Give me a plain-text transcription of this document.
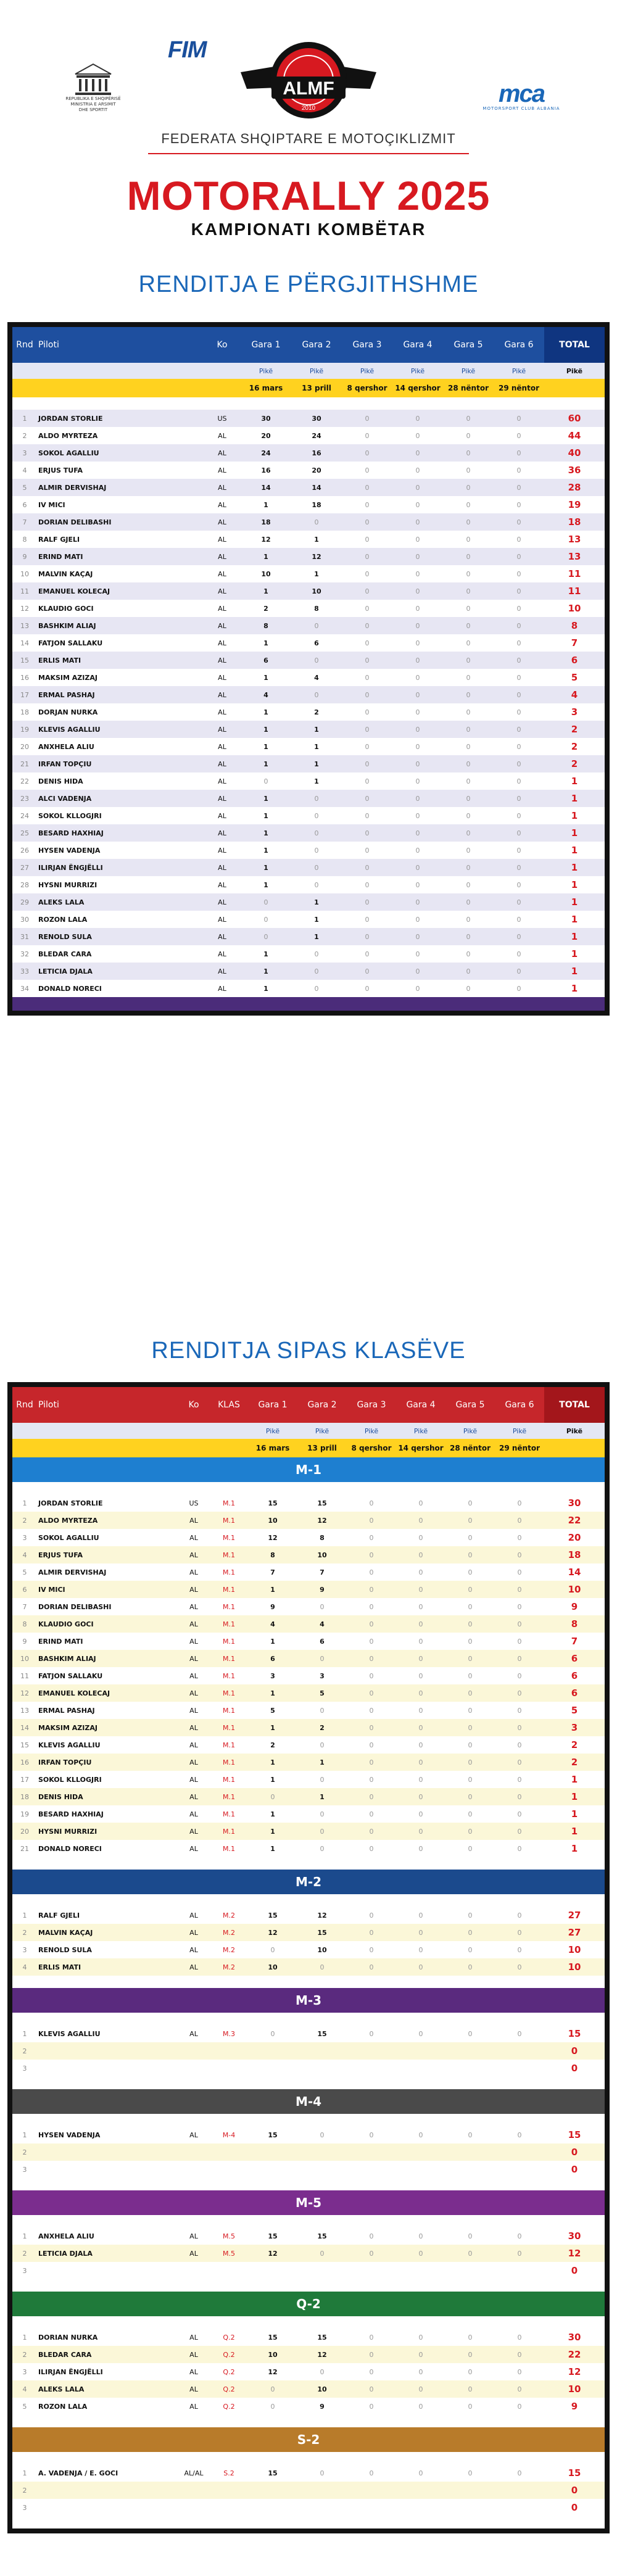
REPUBLIKA E SHQIPËRISË
MINISTRIA E ARSIMIT
DHE SPORTIT
FIM
ALMF
2010
mca
MOTORSPORT CLUB ALBANIA
FEDERATA SHQIPTARE E MOTOÇIKLIZMIT
MOTORALLY 2025
KAMPIONATI KOMBËTAR
RENDITJA E PËRGJITHSHME
Rnd	Piloti	Ko	Gara 1	Gara 2	Gara 3	Gara 4	Gara 5	Gara 6	TOTAL
			Pikë	Pikë	Pikë	Pikë	Pikë	Pikë	Pikë
			16 mars	13 prill	8 qershor	14 qershor	28 nëntor	29 nëntor	

1	JORDAN STORLIE	US	30	30	0	0	0	0	60
2	ALDO MYRTEZA	AL	20	24	0	0	0	0	44
3	SOKOL AGALLIU	AL	24	16	0	0	0	0	40
4	ERJUS TUFA	AL	16	20	0	0	0	0	36
5	ALMIR DERVISHAJ	AL	14	14	0	0	0	0	28
6	IV MICI	AL	1	18	0	0	0	0	19
7	DORIAN DELIBASHI	AL	18	0	0	0	0	0	18
8	RALF GJELI	AL	12	1	0	0	0	0	13
9	ERIND MATI	AL	1	12	0	0	0	0	13
10	MALVIN KAÇAJ	AL	10	1	0	0	0	0	11
11	EMANUEL KOLECAJ	AL	1	10	0	0	0	0	11
12	KLAUDIO GOCI	AL	2	8	0	0	0	0	10
13	BASHKIM ALIAJ	AL	8	0	0	0	0	0	8
14	FATJON SALLAKU	AL	1	6	0	0	0	0	7
15	ERLIS MATI	AL	6	0	0	0	0	0	6
16	MAKSIM AZIZAJ	AL	1	4	0	0	0	0	5
17	ERMAL PASHAJ	AL	4	0	0	0	0	0	4
18	DORJAN NURKA	AL	1	2	0	0	0	0	3
19	KLEVIS AGALLIU	AL	1	1	0	0	0	0	2
20	ANXHELA ALIU	AL	1	1	0	0	0	0	2
21	IRFAN TOPÇIU	AL	1	1	0	0	0	0	2
22	DENIS HIDA	AL	0	1	0	0	0	0	1
23	ALCI VADENJA	AL	1	0	0	0	0	0	1
24	SOKOL KLLOGJRI	AL	1	0	0	0	0	0	1
25	BESARD HAXHIAJ	AL	1	0	0	0	0	0	1
26	HYSEN VADENJA	AL	1	0	0	0	0	0	1
27	ILIRJAN ËNGJËLLI	AL	1	0	0	0	0	0	1
28	HYSNI MURRIZI	AL	1	0	0	0	0	0	1
29	ALEKS LALA	AL	0	1	0	0	0	0	1
30	ROZON LALA	AL	0	1	0	0	0	0	1
31	RENOLD SULA	AL	0	1	0	0	0	0	1
32	BLEDAR CARA	AL	1	0	0	0	0	0	1
33	LETICIA DJALA	AL	1	0	0	0	0	0	1
34	DONALD NORECI	AL	1	0	0	0	0	0	1

RENDITJA SIPAS KLASËVE
Rnd	Piloti	Ko	KLAS	Gara 1	Gara 2	Gara 3	Gara 4	Gara 5	Gara 6	TOTAL
				Pikë	Pikë	Pikë	Pikë	Pikë	Pikë	Pikë
				16 mars	13 prill	8 qershor	14 qershor	28 nëntor	29 nëntor	
M-1										

1	JORDAN STORLIE	US	M.1	15	15	0	0	0	0	30
2	ALDO MYRTEZA	AL	M.1	10	12	0	0	0	0	22
3	SOKOL AGALLIU	AL	M.1	12	8	0	0	0	0	20
4	ERJUS TUFA	AL	M.1	8	10	0	0	0	0	18
5	ALMIR DERVISHAJ	AL	M.1	7	7	0	0	0	0	14
6	IV MICI	AL	M.1	1	9	0	0	0	0	10
7	DORIAN DELIBASHI	AL	M.1	9	0	0	0	0	0	9
8	KLAUDIO GOCI	AL	M.1	4	4	0	0	0	0	8
9	ERIND MATI	AL	M.1	1	6	0	0	0	0	7
10	BASHKIM ALIAJ	AL	M.1	6	0	0	0	0	0	6
11	FATJON SALLAKU	AL	M.1	3	3	0	0	0	0	6
12	EMANUEL KOLECAJ	AL	M.1	1	5	0	0	0	0	6
13	ERMAL PASHAJ	AL	M.1	5	0	0	0	0	0	5
14	MAKSIM AZIZAJ	AL	M.1	1	2	0	0	0	0	3
15	KLEVIS AGALLIU	AL	M.1	2	0	0	0	0	0	2
16	IRFAN TOPÇIU	AL	M.1	1	1	0	0	0	0	2
17	SOKOL KLLOGJRI	AL	M.1	1	0	0	0	0	0	1
18	DENIS HIDA	AL	M.1	0	1	0	0	0	0	1
19	BESARD HAXHIAJ	AL	M.1	1	0	0	0	0	0	1
20	HYSNI MURRIZI	AL	M.1	1	0	0	0	0	0	1
21	DONALD NORECI	AL	M.1	1	0	0	0	0	0	1

M-2										

1	RALF GJELI	AL	M.2	15	12	0	0	0	0	27
2	MALVIN KAÇAJ	AL	M.2	12	15	0	0	0	0	27
3	RENOLD SULA	AL	M.2	0	10	0	0	0	0	10
4	ERLIS MATI	AL	M.2	10	0	0	0	0	0	10

M-3										

1	KLEVIS AGALLIU	AL	M.3	0	15	0	0	0	0	15
2										0
3										0

M-4										

1	HYSEN VADENJA	AL	M-4	15	0	0	0	0	0	15
2										0
3										0

M-5										

1	ANXHELA ALIU	AL	M.5	15	15	0	0	0	0	30
2	LETICIA DJALA	AL	M.5	12	0	0	0	0	0	12
3										0

Q-2										

1	DORIAN NURKA	AL	Q.2	15	15	0	0	0	0	30
2	BLEDAR CARA	AL	Q.2	10	12	0	0	0	0	22
3	ILIRJAN ËNGJËLLI	AL	Q.2	12	0	0	0	0	0	12
4	ALEKS LALA	AL	Q.2	0	10	0	0	0	0	10
5	ROZON LALA	AL	Q.2	0	9	0	0	0	0	9

S-2										

1	A. VADENJA / E. GOCI	AL/AL	S.2	15	0	0	0	0	0	15
2										0
3										0
